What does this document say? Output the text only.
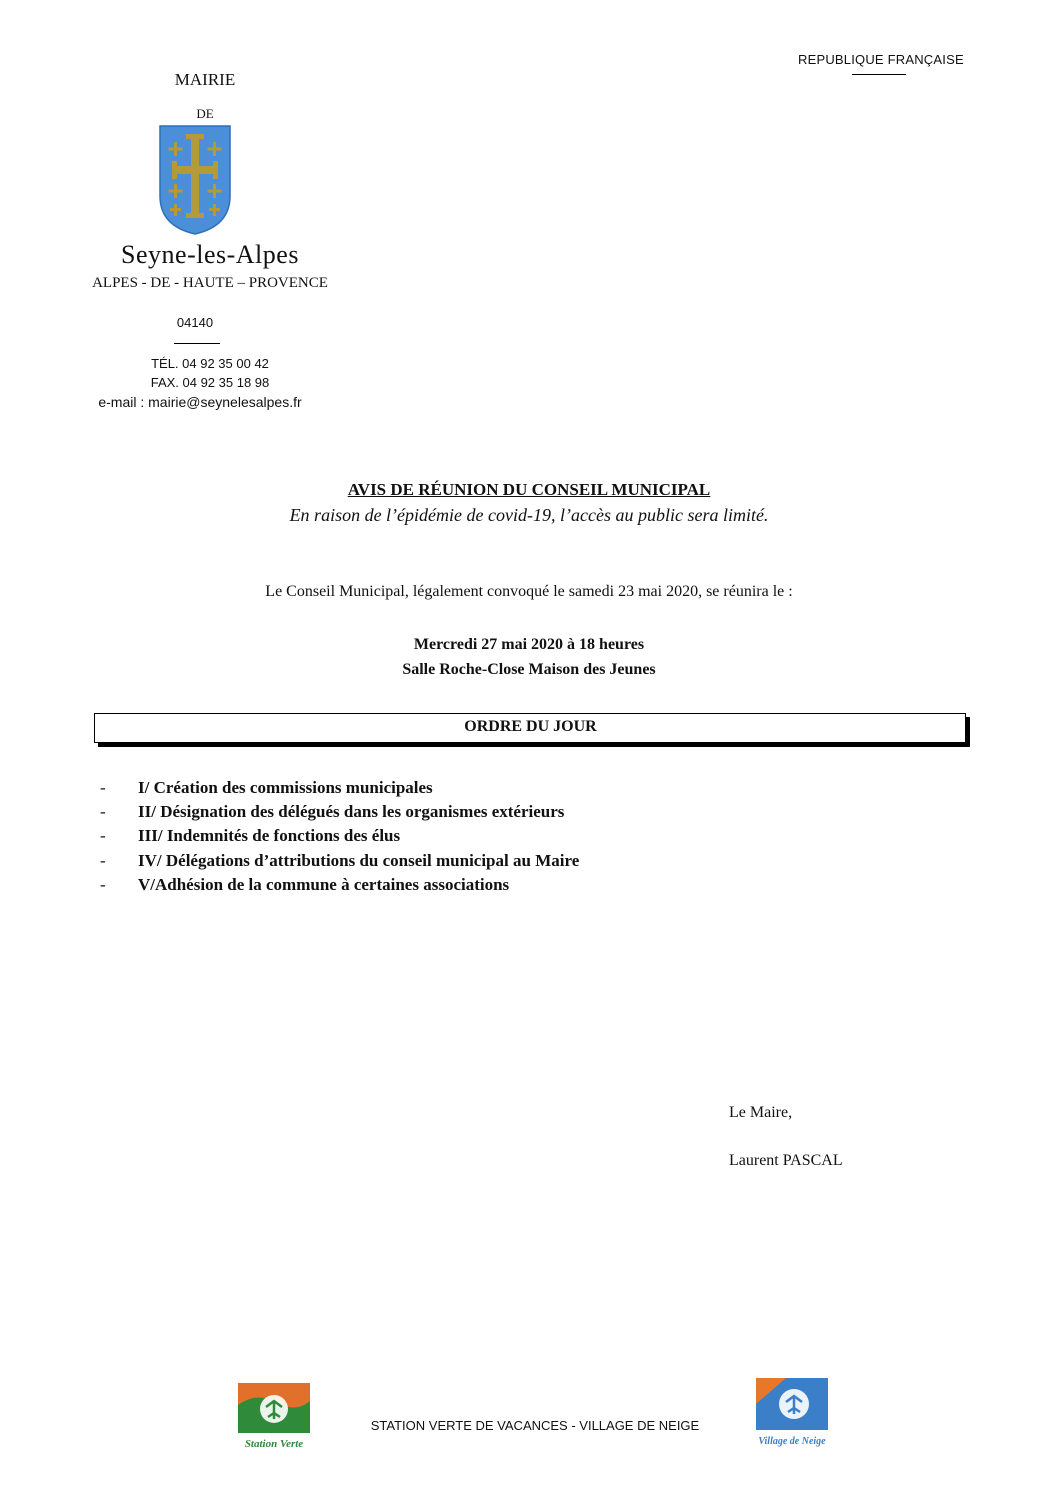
REPUBLIQUE FRANÇAISE
MAIRIE
DE
Seyne-les-Alpes
ALPES - DE - HAUTE – PROVENCE
04140
TÉL. 04 92 35 00 42
FAX. 04 92 35 18 98
e-mail : mairie@seynelesalpes.fr
AVIS DE RÉUNION DU CONSEIL MUNICIPAL
En raison de l’épidémie de covid-19, l’accès au public sera limité.
Le Conseil Municipal, légalement convoqué le samedi 23 mai 2020, se réunira le :
Mercredi 27 mai 2020 à 18 heures
Salle Roche-Close Maison des Jeunes
ORDRE DU JOUR
- I/ Création des commissions municipales
- II/ Désignation des délégués dans les organismes extérieurs
- III/ Indemnités de fonctions des élus
- IV/ Délégations d’attributions du conseil municipal au Maire
- V/Adhésion de la commune à certaines associations
Le Maire,
Laurent PASCAL
Station Verte
STATION VERTE DE VACANCES - VILLAGE DE NEIGE
Village de Neige
